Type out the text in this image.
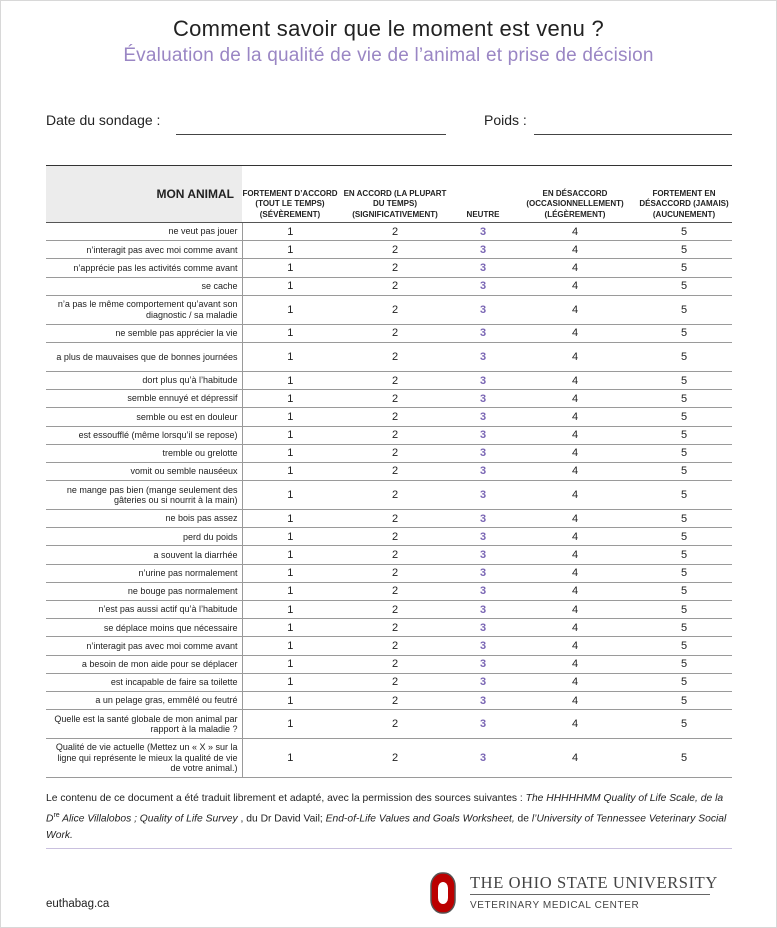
Comment savoir que le moment est venu ?
Évaluation de la qualité de vie de l’animal et prise de décision
Date du sondage :	Poids :
MON ANIMAL	FORTEMENT D’ACCORD (TOUT LE TEMPS) (SÉVÈREMENT)	EN ACCORD (LA PLUPART DU TEMPS) (SIGNIFICATIVEMENT)	NEUTRE	EN DÉSACCORD (OCCASIONNELLEMENT) (LÉGÈREMENT)	FORTEMENT EN DÉSACCORD (JAMAIS) (AUCUNEMENT)
ne veut pas jouer	1	2	3	4	5
n’interagit pas avec moi comme avant	1	2	3	4	5
n’apprécie pas les activités comme avant	1	2	3	4	5
se cache	1	2	3	4	5
n’a pas le même comportement qu’avant son diagnostic / sa maladie	1	2	3	4	5
ne semble pas apprécier la vie	1	2	3	4	5
a plus de mauvaises que de bonnes journées	1	2	3	4	5
dort plus qu’à l’habitude	1	2	3	4	5
semble ennuyé et dépressif	1	2	3	4	5
semble ou est en douleur	1	2	3	4	5
est essoufflé (même lorsqu’il se repose)	1	2	3	4	5
tremble ou grelotte	1	2	3	4	5
vomit ou semble nauséeux	1	2	3	4	5
ne mange pas bien (mange seulement des gâteries ou si nourrit à la main)	1	2	3	4	5
ne bois pas assez	1	2	3	4	5
perd du poids	1	2	3	4	5
a souvent la diarrhée	1	2	3	4	5
n’urine pas normalement	1	2	3	4	5
ne bouge pas normalement	1	2	3	4	5
n’est pas aussi actif qu’à l’habitude	1	2	3	4	5
se déplace moins que nécessaire	1	2	3	4	5
n’interagit pas avec moi comme avant	1	2	3	4	5
a besoin de mon aide pour se déplacer	1	2	3	4	5
est incapable de faire sa toilette	1	2	3	4	5
a un pelage gras, emmêlé ou feutré	1	2	3	4	5
Quelle est la santé globale de mon animal par rapport à la maladie ?	1	2	3	4	5
Qualité de vie actuelle (Mettez un « X » sur la ligne qui représente le mieux la qualité de vie de votre animal.)	1	2	3	4	5
Le contenu de ce document a été traduit librement et adapté, avec la permission des sources suivantes : The HHHHHMM Quality of Life Scale, de la Dre Alice Villalobos ; Quality of Life Survey , du Dr David Vail; End-of-Life Values and Goals Worksheet, de l’University of Tennessee Veterinary Social Work.
euthabag.ca
THE OHIO STATE UNIVERSITY
VETERINARY MEDICAL CENTER
